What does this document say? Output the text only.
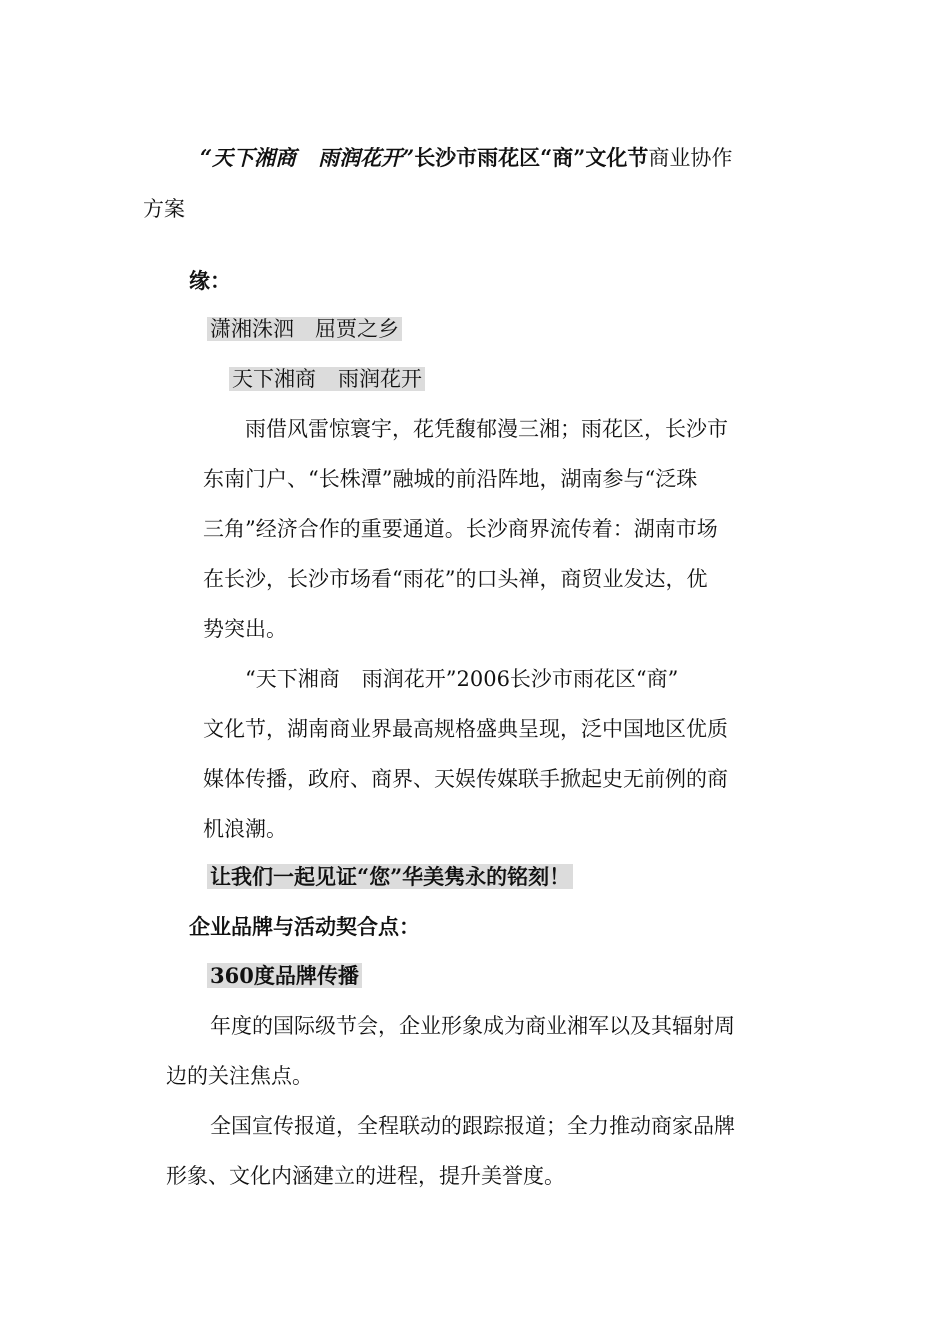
“天下湘商 雨润花开”长沙市雨花区“商”文化节商业协作
方案
缘：
潇湘洙泗　屈贾之乡
天下湘商 雨润花开
雨借风雷惊寰宇，花凭馥郁漫三湘；雨花区，长沙市
东南门户、“长株潭”融城的前沿阵地，湖南参与“泛珠
三角”经济合作的重要通道。长沙商界流传着：湖南市场
在长沙，长沙市场看“雨花”的口头禅，商贸业发达，优
势突出。
“天下湘商 雨润花开”2006长沙市雨花区“商”
文化节，湖南商业界最高规格盛典呈现，泛中国地区优质
媒体传播，政府、商界、天娱传媒联手掀起史无前例的商
机浪潮。
让我们一起见证“您”华美隽永的铭刻！
企业品牌与活动契合点：
360度品牌传播
年度的国际级节会，企业形象成为商业湘军以及其辐射周
边的关注焦点。
全国宣传报道，全程联动的跟踪报道；全力推动商家品牌
形象、文化内涵建立的进程，提升美誉度。
